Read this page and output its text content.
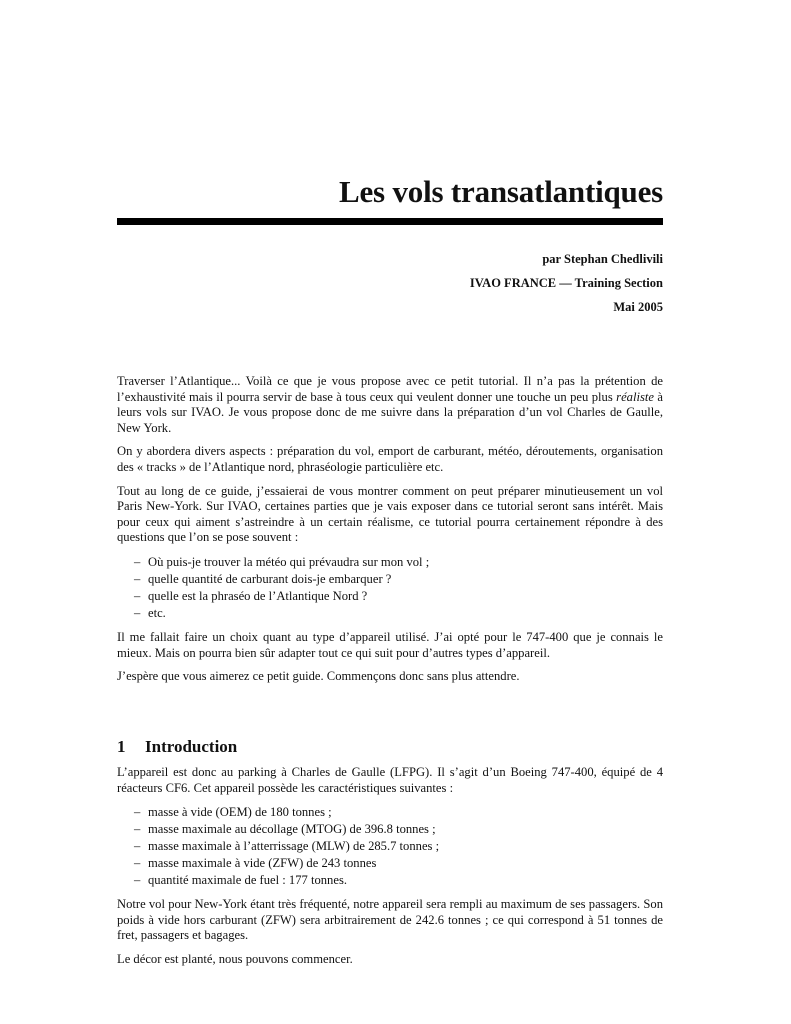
Les vols transatlantiques
par Stephan Chedlivili
IVAO FRANCE — Training Section
Mai 2005

Traverser l’Atlantique... Voilà ce que je vous propose avec ce petit tutorial. Il n’a pas la prétention de l’exhaustivité mais il pourra servir de base à tous ceux qui veulent donner une touche un peu plus réaliste à leurs vols sur IVAO. Je vous propose donc de me suivre dans la préparation d’un vol Charles de Gaulle, New York.

On y abordera divers aspects : préparation du vol, emport de carburant, météo, déroutements, organisation des « tracks » de l’Atlantique nord, phraséologie particulière etc.

Tout au long de ce guide, j’essaierai de vous montrer comment on peut préparer minutieusement un vol Paris New-York. Sur IVAO, certaines parties que je vais exposer dans ce tutorial seront sans intérêt. Mais pour ceux qui aiment s’astreindre à un certain réalisme, ce tutorial pourra certainement répondre à des questions que l’on se pose souvent :

– Où puis-je trouver la météo qui prévaudra sur mon vol ;
– quelle quantité de carburant dois-je embarquer ?
– quelle est la phraséo de l’Atlantique Nord ?
– etc.

Il me fallait faire un choix quant au type d’appareil utilisé. J’ai opté pour le 747-400 que je connais le mieux. Mais on pourra bien sûr adapter tout ce qui suit pour d’autres types d’appareil.

J’espère que vous aimerez ce petit guide. Commençons donc sans plus attendre.

1 Introduction

L’appareil est donc au parking à Charles de Gaulle (LFPG). Il s’agit d’un Boeing 747-400, équipé de 4 réacteurs CF6. Cet appareil possède les caractéristiques suivantes :

– masse à vide (OEM) de 180 tonnes ;
– masse maximale au décollage (MTOG) de 396.8 tonnes ;
– masse maximale à l’atterrissage (MLW) de 285.7 tonnes ;
– masse maximale à vide (ZFW) de 243 tonnes
– quantité maximale de fuel : 177 tonnes.

Notre vol pour New-York étant très fréquenté, notre appareil sera rempli au maximum de ses passagers. Son poids à vide hors carburant (ZFW) sera arbitrairement de 242.6 tonnes ; ce qui correspond à 51 tonnes de fret, passagers et bagages.

Le décor est planté, nous pouvons commencer.
